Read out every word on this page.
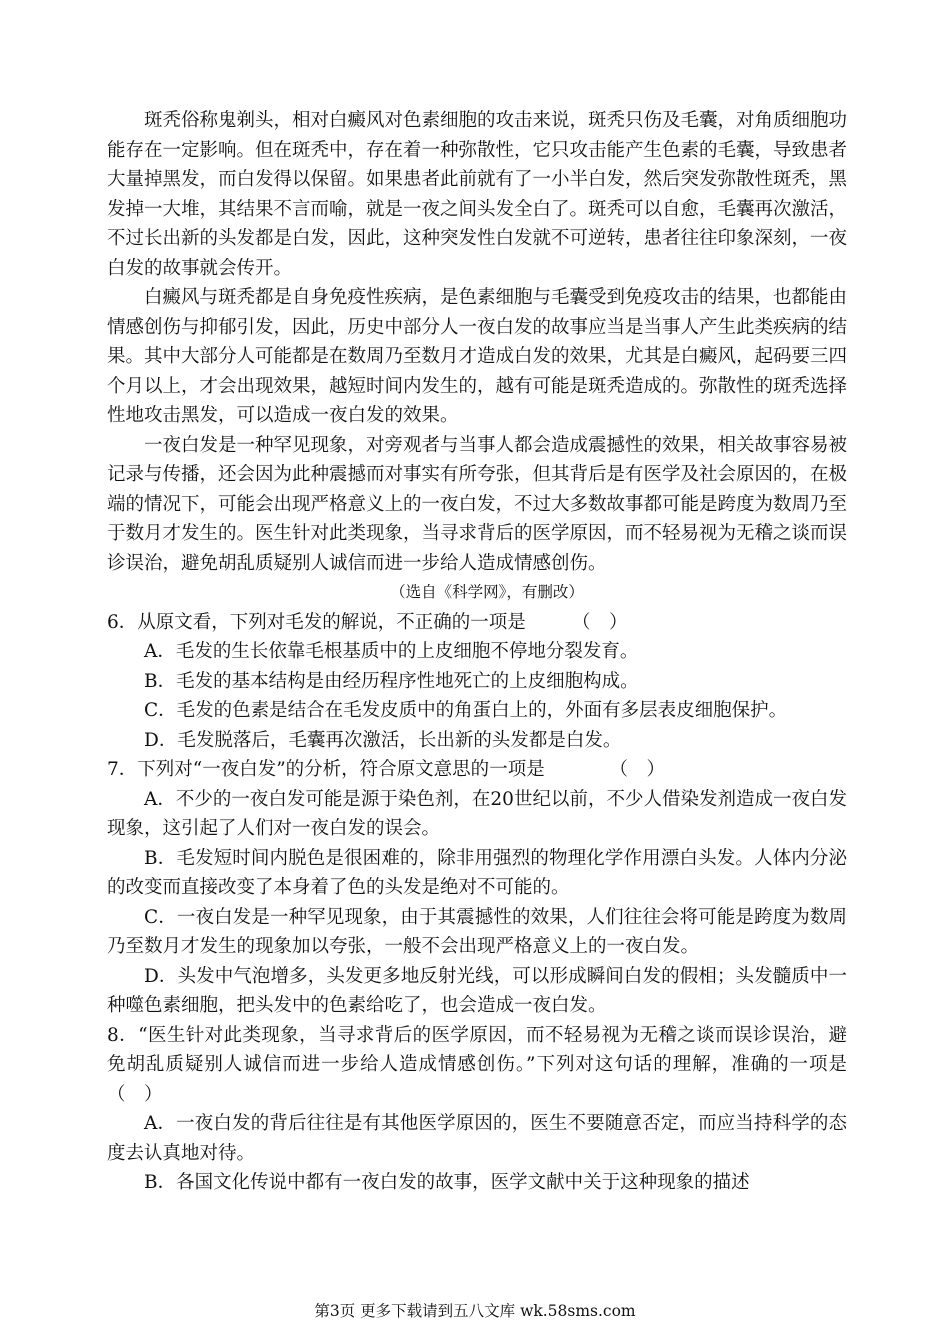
斑秃俗称鬼剃头，相对白癜风对色素细胞的攻击来说，斑秃只伤及毛囊，对角质细胞功能存在一定影响。但在斑秃中，存在着一种弥散性，它只攻击能产生色素的毛囊，导致患者大量掉黑发，而白发得以保留。如果患者此前就有了一小半白发，然后突发弥散性斑秃，黑发掉一大堆，其结果不言而喻，就是一夜之间头发全白了。斑秃可以自愈，毛囊再次激活，不过长出新的头发都是白发，因此，这种突发性白发就不可逆转，患者往往印象深刻，一夜白发的故事就会传开。

白癜风与斑秃都是自身免疫性疾病，是色素细胞与毛囊受到免疫攻击的结果，也都能由情感创伤与抑郁引发，因此，历史中部分人一夜白发的故事应当是当事人产生此类疾病的结果。其中大部分人可能都是在数周乃至数月才造成白发的效果，尤其是白癜风，起码要三四个月以上，才会出现效果，越短时间内发生的，越有可能是斑秃造成的。弥散性的斑秃选择性地攻击黑发，可以造成一夜白发的效果。

一夜白发是一种罕见现象，对旁观者与当事人都会造成震撼性的效果，相关故事容易被记录与传播，还会因为此种震撼而对事实有所夸张，但其背后是有医学及社会原因的，在极端的情况下，可能会出现严格意义上的一夜白发，不过大多数故事都可能是跨度为数周乃至于数月才发生的。医生针对此类现象，当寻求背后的医学原因，而不轻易视为无稽之谈而误诊误治，避免胡乱质疑别人诚信而进一步给人造成情感创伤。

（选自《科学网》，有删改）

6．从原文看，下列对毛发的解说，不正确的一项是　　　（　）

A．毛发的生长依靠毛根基质中的上皮细胞不停地分裂发育。

B．毛发的基本结构是由经历程序性地死亡的上皮细胞构成。

C．毛发的色素是结合在毛发皮质中的角蛋白上的，外面有多层表皮细胞保护。

D．毛发脱落后，毛囊再次激活，长出新的头发都是白发。

7．下列对“一夜白发”的分析，符合原文意思的一项是　　　　（　）

A．不少的一夜白发可能是源于染色剂，在20世纪以前，不少人借染发剂造成一夜白发现象，这引起了人们对一夜白发的误会。

B．毛发短时间内脱色是很困难的，除非用强烈的物理化学作用漂白头发。人体内分泌的改变而直接改变了本身着了色的头发是绝对不可能的。

C．一夜白发是一种罕见现象，由于其震撼性的效果，人们往往会将可能是跨度为数周乃至数月才发生的现象加以夸张，一般不会出现严格意义上的一夜白发。

D．头发中气泡增多，头发更多地反射光线，可以形成瞬间白发的假相；头发髓质中一种噬色素细胞，把头发中的色素给吃了，也会造成一夜白发。

8．“医生针对此类现象，当寻求背后的医学原因，而不轻易视为无稽之谈而误诊误治，避免胡乱质疑别人诚信而进一步给人造成情感创伤。”下列对这句话的理解，准确的一项是（　）

A．一夜白发的背后往往是有其他医学原因的，医生不要随意否定，而应当持科学的态度去认真地对待。

B．各国文化传说中都有一夜白发的故事，医学文献中关于这种现象的描述

第3页 更多下载请到五八文库 wk.58sms.com
